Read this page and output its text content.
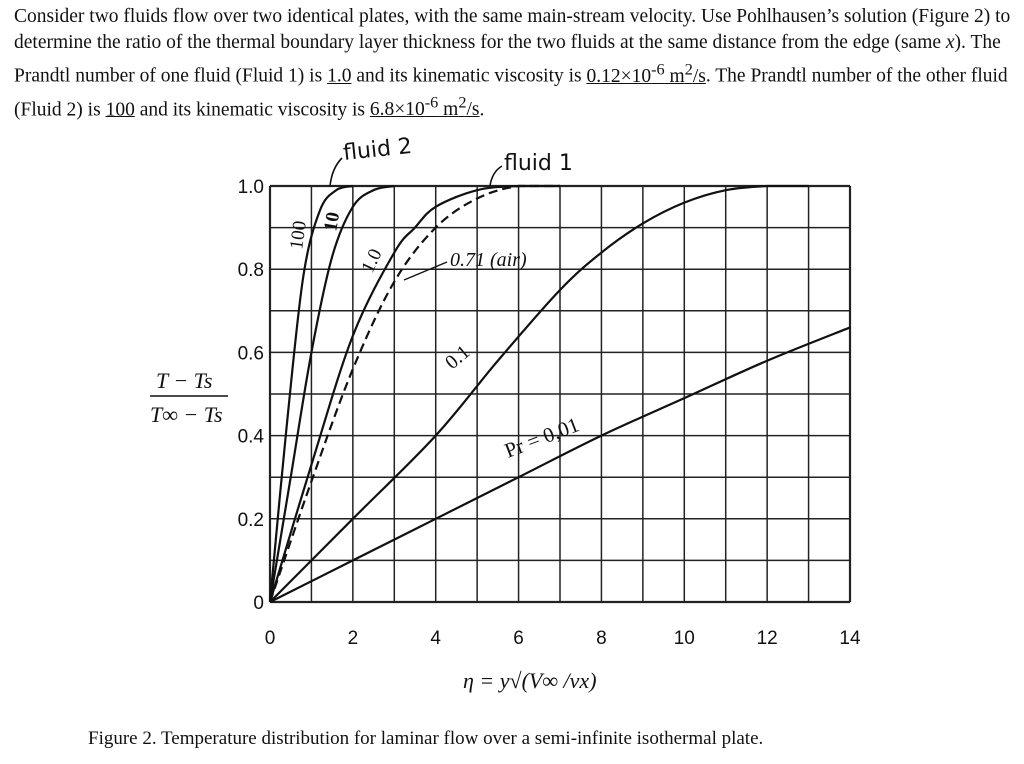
Consider two fluids flow over two identical plates, with the same main-stream velocity. Use Pohlhausen’s solution (Figure 2) to determine the ratio of the thermal boundary layer thickness for the two fluids at the same distance from the edge (same x). The Prandtl number of one fluid (Fluid 1) is 1.0 and its kinematic viscosity is $0.12\times 10^{-6}$ $m^2/s$. The Prandtl number of the other fluid (Fluid 2) is 100 and its kinematic viscosity is $6.8\times 10^{-6}$ $m^2/s$.

0	2	4	6	8	10	12	14
0
0.2
0.4
0.6
0.8
1.0
100 10
1.0	0.71 (air)
0.1
Pr = 0,01
fluid 2	fluid 1
η = y√(V∞ /νx)
T − Ts
T∞ − Ts

Figure 2. Temperature distribution for laminar flow over a semi-infinite isothermal plate.
